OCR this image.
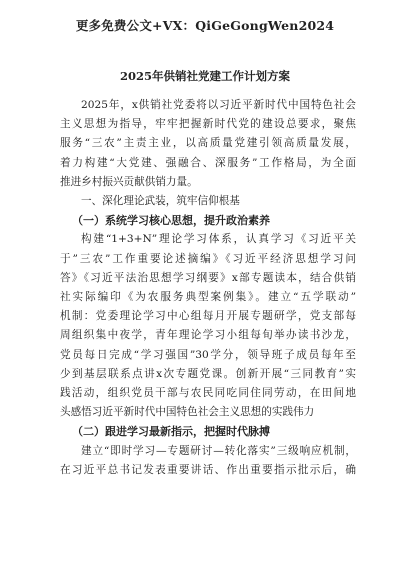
更多免费公文+VX：QiGeGongWen2024
2025年供销社党建工作计划方案

2025年，x供销社党委将以习近平新时代中国特色社会
主义思想为指导，牢牢把握新时代党的建设总要求，聚焦
服务“三农”主责主业，以高质量党建引领高质量发展，
着力构建“大党建、强融合、深服务”工作格局，为全面
推进乡村振兴贡献供销力量。

一、深化理论武装，筑牢信仰根基

（一）系统学习核心思想，提升政治素养

构建“1+3+N”理论学习体系，认真学习《习近平关
于”三农”工作重要论述摘编》《习近平经济思想学习问
答》《习近平法治思想学习纲要》x部专题读本，结合供销
社实际编印《为农服务典型案例集》。建立“五学联动”
机制：党委理论学习中心组每月开展专题研学，党支部每
周组织集中夜学，青年理论学习小组每旬举办读书沙龙，
党员每日完成“学习强国”30学分，领导班子成员每年至
少到基层联系点讲x次专题党课。创新开展“三同教育”实
践活动，组织党员干部与农民同吃同住同劳动，在田间地
头感悟习近平新时代中国特色社会主义思想的实践伟力

（二）跟进学习最新指示，把握时代脉搏

建立“即时学习—专题研讨—转化落实”三级响应机制，
在习近平总书记发表重要讲话、作出重要指示批示后，确
